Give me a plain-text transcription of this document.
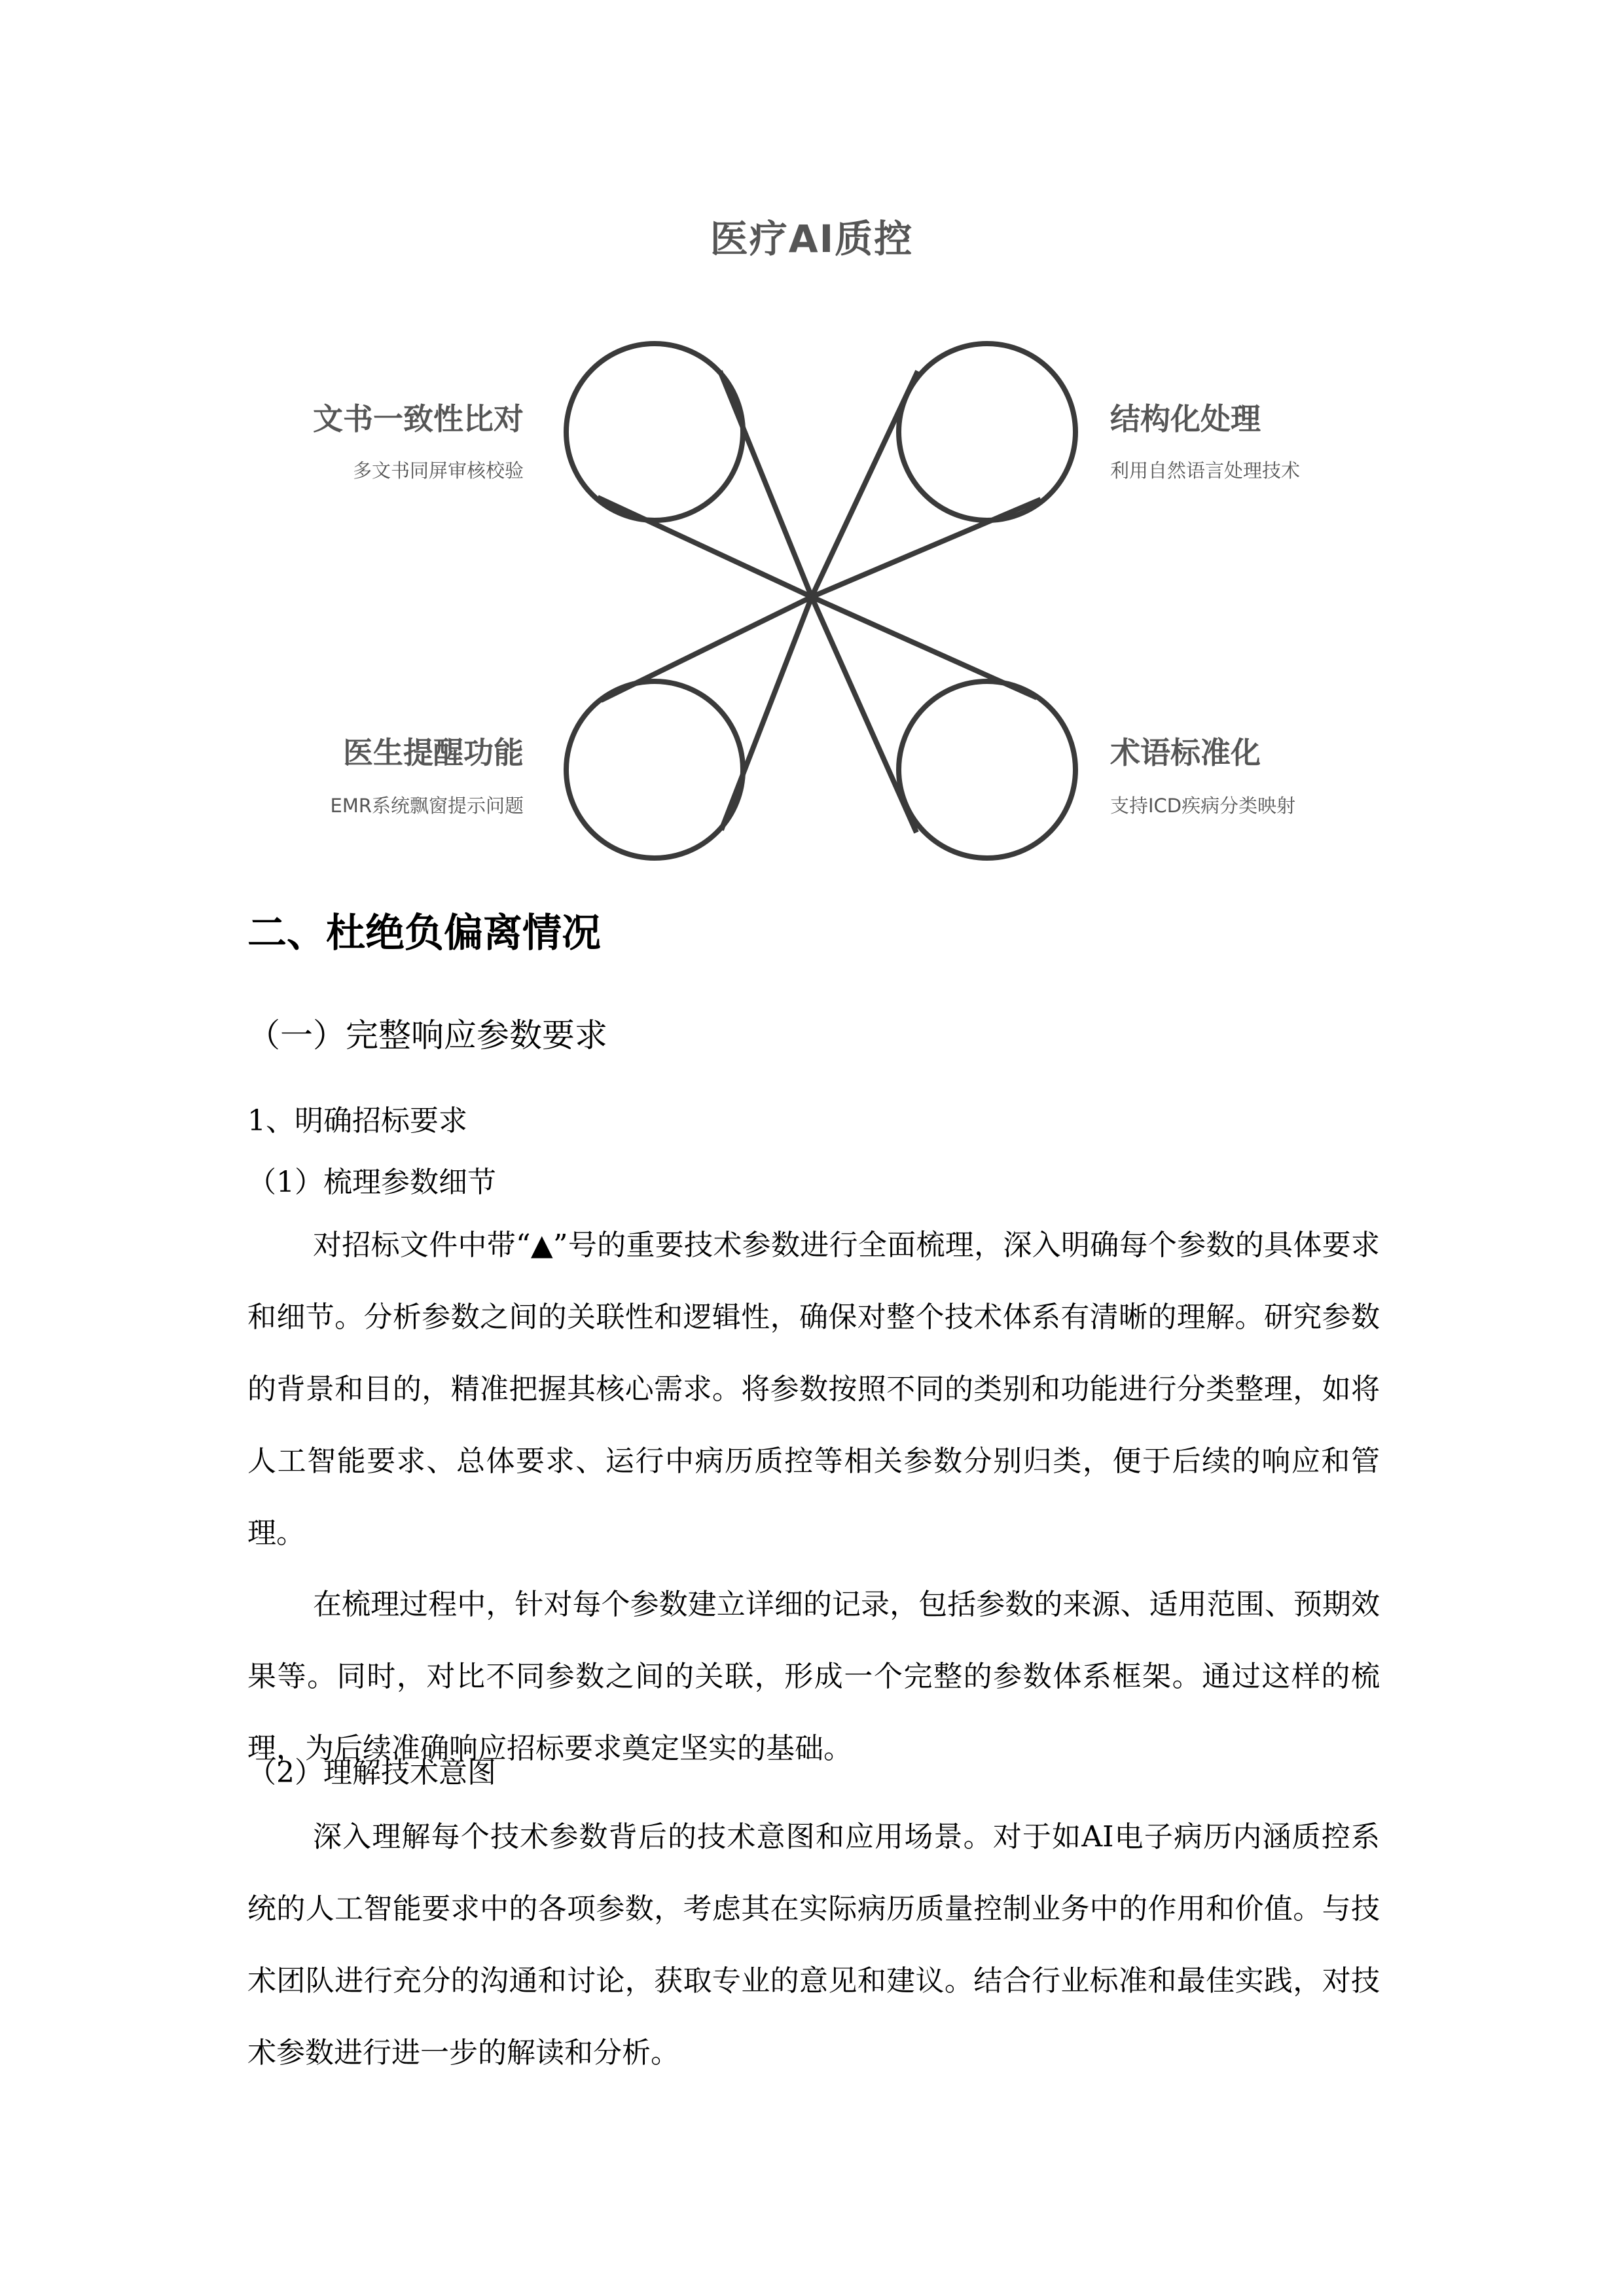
医疗AI质控
文书一致性比对
多文书同屏审核校验
结构化处理
利用自然语言处理技术
医生提醒功能
EMR系统飘窗提示问题
术语标准化
支持ICD疾病分类映射
二、杜绝负偏离情况
（一）完整响应参数要求
1、明确招标要求
（1）梳理参数细节

对招标文件中带“▲”号的重要技术参数进行全面梳理，深入明确每个参数的具体要求和细节。分析参数之间的关联性和逻辑性，确保对整个技术体系有清晰的理解。研究参数的背景和目的，精准把握其核心需求。将参数按照不同的类别和功能进行分类整理，如将人工智能要求、总体要求、运行中病历质控等相关参数分别归类，便于后续的响应和管理。

在梳理过程中，针对每个参数建立详细的记录，包括参数的来源、适用范围、预期效果等。同时，对比不同参数之间的关联，形成一个完整的参数体系框架。通过这样的梳理，为后续准确响应招标要求奠定坚实的基础。

（2）理解技术意图

深入理解每个技术参数背后的技术意图和应用场景。对于如AI电子病历内涵质控系统的人工智能要求中的各项参数，考虑其在实际病历质量控制业务中的作用和价值。与技术团队进行充分的沟通和讨论，获取专业的意见和建议。结合行业标准和最佳实践，对技术参数进行进一步的解读和分析。
